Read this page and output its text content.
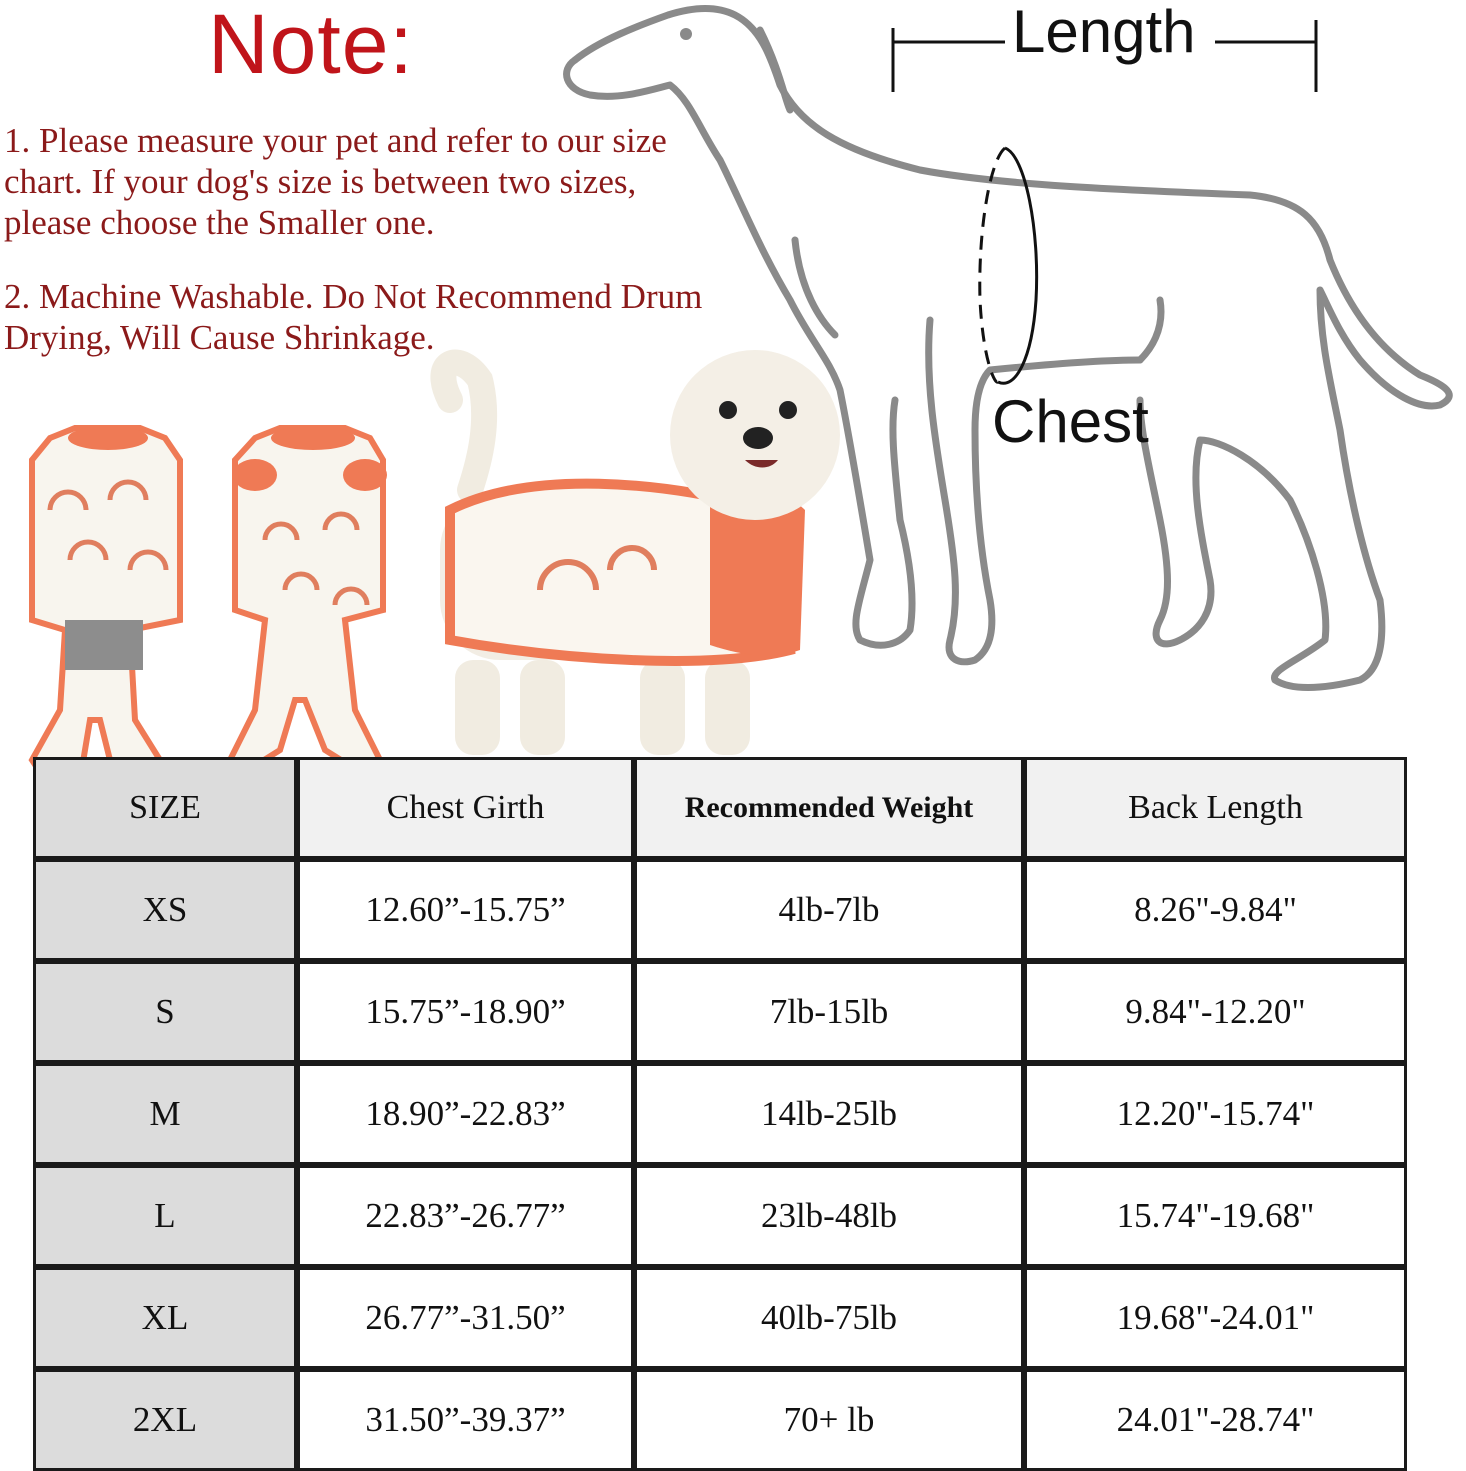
Note:

1. Please measure your pet and refer to our size chart. If your dog's size is between two sizes, please choose the Smaller one.

2. Machine Washable. Do Not Recommend Drum Drying, Will Cause Shrinkage.

Length
Chest
SIZE	Chest Girth	Recommended Weight	Back Length
XS	12.60”-15.75”	4lb-7lb	8.26"-9.84"
S	15.75”-18.90”	7lb-15lb	9.84"-12.20"
M	18.90”-22.83”	14lb-25lb	12.20"-15.74"
L	22.83”-26.77”	23lb-48lb	15.74"-19.68"
XL	26.77”-31.50”	40lb-75lb	19.68"-24.01"
2XL	31.50”-39.37”	70+ lb	24.01"-28.74"
